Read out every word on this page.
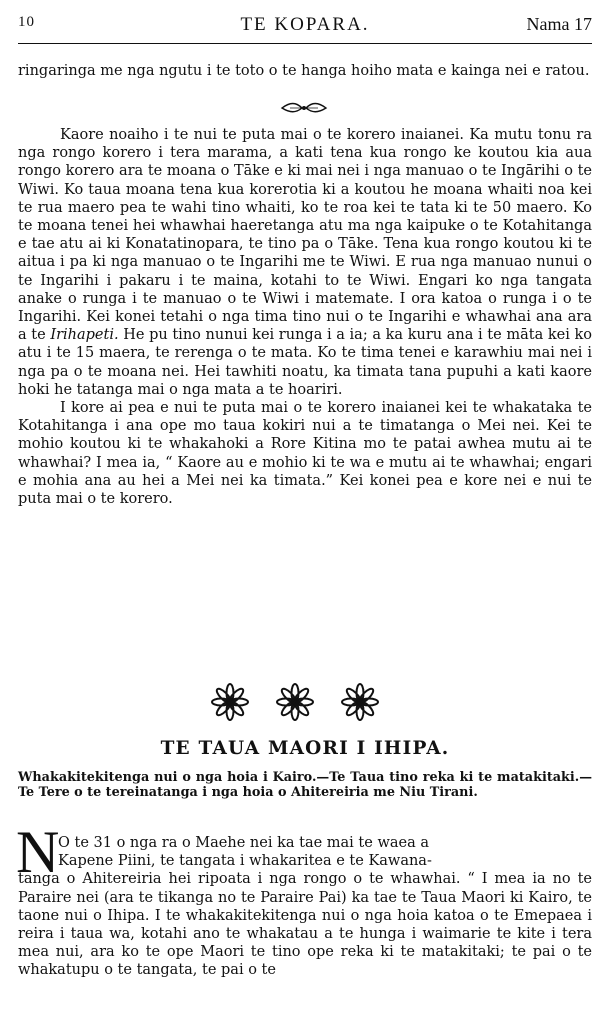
10	TE KOPARA.	Nama 17

ringaringa me nga ngutu i te toto o te hanga hoiho mata e kainga nei e ratou.

Kaore noaiho i te nui te puta mai o te korero inaianei. Ka mutu tonu ra nga rongo korero i tera marama, a kati tena kua rongo ke koutou kia aua rongo korero ara te moana o Tāke e ki mai nei i nga manuao o te Ingārihi o te Wiwi. Ko taua moana tena kua korerotia ki a koutou he moana whaiti noa kei te rua maero pea te wahi tino whaiti, ko te roa kei te tata ki te 50 maero. Ko te moana tenei hei whawhai haeretanga atu ma nga kaipuke o te Kotahitanga e tae atu ai ki Konatatinopara, te tino pa o Tāke. Tena kua rongo koutou ki te aitua i pa ki nga manuao o te Ingarihi me te Wiwi. E rua nga manuao nunui o te Ingarihi i pakaru i te maina, kotahi to te Wiwi. Engari ko nga tangata anake o runga i te manuao o te Wiwi i matemate. I ora katoa o runga i o te Ingarihi. Kei konei tetahi o nga tima tino nui o te Ingarihi e whawhai ana ara a te Irihapeti. He pu tino nunui kei runga i a ia; a ka kuru ana i te māta kei ko atu i te 15 maera, te rerenga o te mata. Ko te tima tenei e karawhiu mai nei i nga pa o te moana nei. Hei tawhiti noatu, ka timata tana pupuhi a kati kaore hoki he tatanga mai o nga mata a te hoariri.

I kore ai pea e nui te puta mai o te korero inaianei kei te whakataka te Kotahitanga i ana ope mo taua kokiri nui a te timatanga o Mei nei. Kei te mohio koutou ki te whakahoki a Rore Kitina mo te patai awhea mutu ai te whawhai? I mea ia, “ Kaore au e mohio ki te wa e mutu ai te whawhai; engari e mohia ana au hei a Mei nei ka timata.” Kei konei pea e kore nei e nui te puta mai o te korero.

TE TAUA MAORI I IHIPA.
Whakakitekitenga nui o nga hoia i Kairo.—Te Taua tino reka ki te matakitaki.—Te Tere o te tereinatanga i nga hoia o Ahitereiria me Niu Tirani.
N

O te 31 o nga ra o Maehe nei ka tae mai te waea a

Kapene Piini, te tangata i whakaritea e te Kawana-

tanga o Ahitereiria hei ripoata i nga rongo o te whawhai. “ I mea ia no te Paraire nei (ara te tikanga no te Paraire Pai) ka tae te Taua Maori ki Kairo, te taone nui o Ihipa. I te whakakitekitenga nui o nga hoia katoa o te Emepaea i reira i taua wa, kotahi ano te whakatau a te hunga i waimarie te kite i tera mea nui, ara ko te ope Maori te tino ope reka ki te matakitaki; te pai o te whakatupu o te tangata, te pai o te
